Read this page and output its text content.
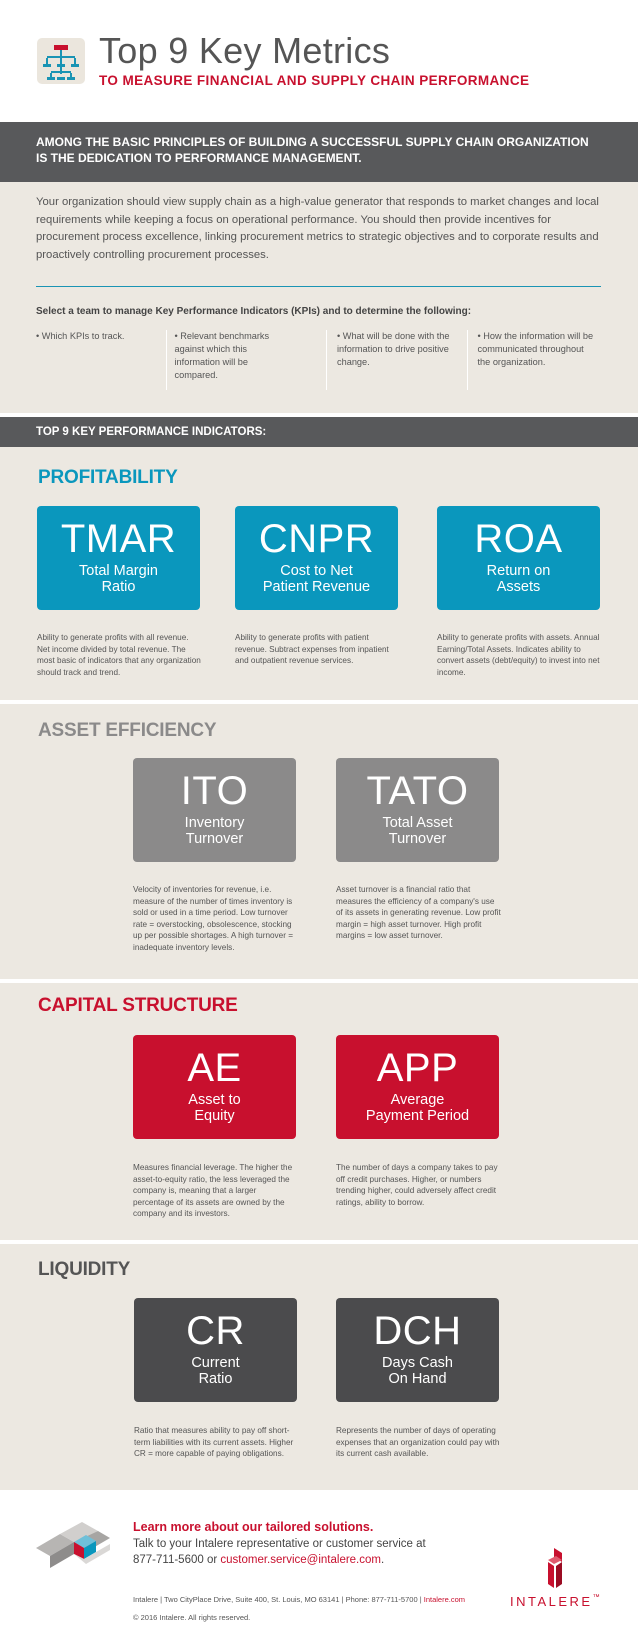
Top 9 Key Metrics
TO MEASURE FINANCIAL AND SUPPLY CHAIN PERFORMANCE
AMONG THE BASIC PRINCIPLES OF BUILDING A SUCCESSFUL SUPPLY CHAIN ORGANIZATION
IS THE DEDICATION TO PERFORMANCE MANAGEMENT.
Your organization should view supply chain as a high-value generator that responds to market changes and local requirements while keeping a focus on operational performance. You should then provide incentives for procurement process excellence, linking procurement metrics to strategic objectives and to corporate results and proactively controlling procurement processes.
Select a team to manage Key Performance Indicators (KPIs) and to determine the following:
• Which KPIs to track.	• Relevant benchmarks against which this information will be compared.
• What will be done with the information to drive positive change.
• How the information will be communicated throughout the organization.
TOP 9 KEY PERFORMANCE INDICATORS:
PROFITABILITY
TMAR
Total Margin
Ratio
Ability to generate profits with all revenue. Net income divided by total revenue. The most basic of indicators that any organization should track and trend.
CNPR
Cost to Net
Patient Revenue
Ability to generate profits with patient revenue. Subtract expenses from inpatient and outpatient revenue services.
ROA
Return on
Assets
Ability to generate profits with assets. Annual Earning/Total Assets. Indicates ability to convert assets (debt/equity) to invest into net income.
ASSET EFFICIENCY
ITO
Inventory
Turnover
Velocity of inventories for revenue, i.e. measure of the number of times inventory is sold or used in a time period. Low turnover rate = overstocking, obsolescence, stocking up per possible shortages. A high turnover = inadequate inventory levels.
TATO
Total Asset
Turnover
Asset turnover is a financial ratio that measures the efficiency of a company's use of its assets in generating revenue. Low profit margin = high asset turnover. High profit margins = low asset turnover.
CAPITAL STRUCTURE
AE
Asset to
Equity
Measures financial leverage. The higher the asset-to-equity ratio, the less leveraged the company is, meaning that a larger percentage of its assets are owned by the company and its investors.
APP
Average
Payment Period
The number of days a company takes to pay off credit purchases. Higher, or numbers trending higher, could adversely affect credit ratings, ability to borrow.
LIQUIDITY
CR
Current
Ratio
Ratio that measures ability to pay off short-term liabilities with its current assets. Higher CR = more capable of paying obligations.
DCH
Days Cash
On Hand
Represents the number of days of operating expenses that an organization could pay with its current cash available.
Learn more about our tailored solutions.
Talk to your Intalere representative or customer service at
877-711-5600 or customer.service@intalere.com.
Intalere | Two CityPlace Drive, Suite 400, St. Louis, MO 63141 | Phone: 877-711-5700 | Intalere.com
© 2016 Intalere. All rights reserved.
INTALERE™
